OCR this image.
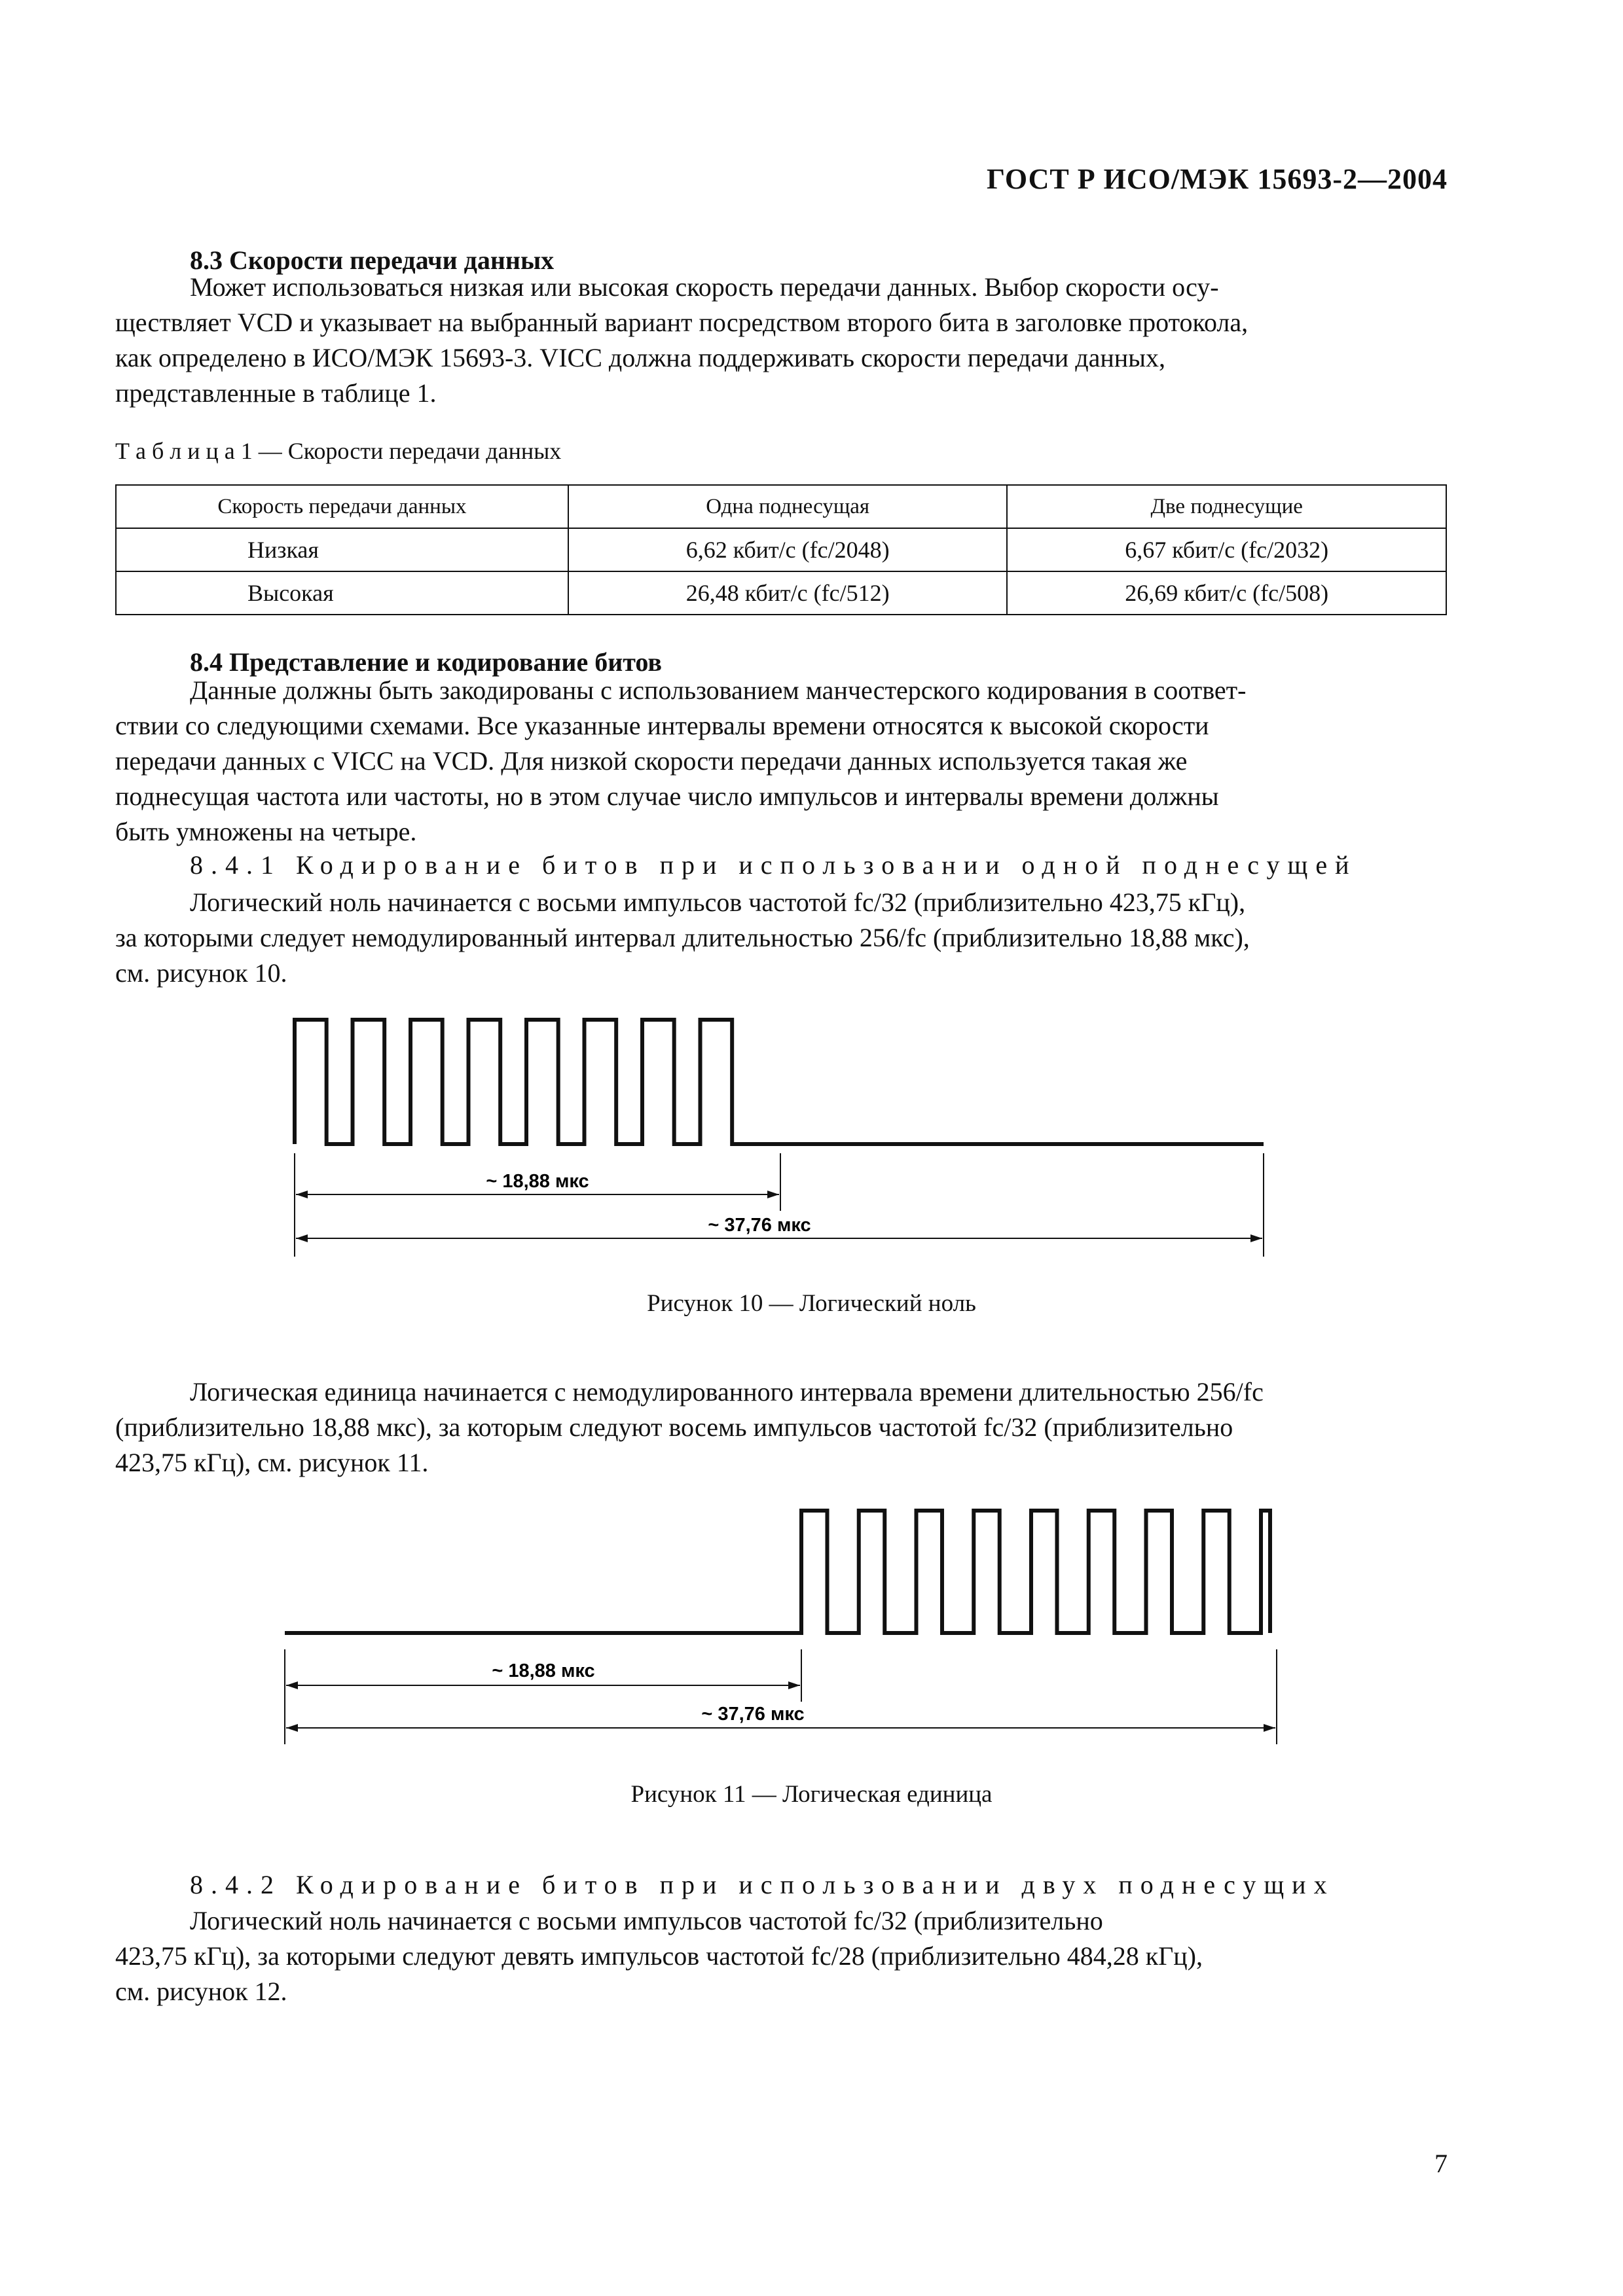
ГОСТ Р ИСО/МЭК 15693-2—2004
8.3 Скорости передачи данных
Может использоваться низкая или высокая скорость передачи данных. Выбор скорости осу-
ществляет VCD и указывает на выбранный вариант посредством второго бита в заголовке протокола,
как определено в ИСО/МЭК 15693-3. VICC должна поддерживать скорости передачи данных,
представленные в таблице 1.
Т а б л и ц а 1 — Скорости передачи данных
Скорость передачи данных	Одна поднесущая	Две поднесущие
Низкая	6,62 кбит/с (fc/2048)	6,67 кбит/с (fc/2032)
Высокая	26,48 кбит/с (fc/512)	26,69 кбит/с (fc/508)
8.4 Представление и кодирование битов
Данные должны быть закодированы с использованием манчестерского кодирования в соответ-
ствии со следующими схемами. Все указанные интервалы времени относятся к высокой скорости
передачи данных с VICC на VCD. Для низкой скорости передачи данных используется такая же
поднесущая частота или частоты, но в этом случае число импульсов и интервалы времени должны
быть умножены на четыре.
8.4.1 Кодирование битов при использовании одной поднесущей
Логический ноль начинается с восьми импульсов частотой fc/32 (приблизительно 423,75 кГц),
за которыми следует немодулированный интервал длительностью 256/fc (приблизительно 18,88 мкс),
см. рисунок 10.
~ 18,88 мкс
~ 37,76 мкс
Рисунок 10 — Логический ноль
Логическая единица начинается с немодулированного интервала времени длительностью 256/fc
(приблизительно 18,88 мкс), за которым следуют восемь импульсов частотой fc/32 (приблизительно
423,75 кГц), см. рисунок 11.
~ 18,88 мкс
~ 37,76 мкс
Рисунок 11 — Логическая единица
8.4.2 Кодирование битов при использовании двух поднесущих
Логический ноль начинается с восьми импульсов частотой fc/32 (приблизительно
423,75 кГц), за которыми следуют девять импульсов частотой fc/28 (приблизительно 484,28 кГц),
см. рисунок 12.
7
